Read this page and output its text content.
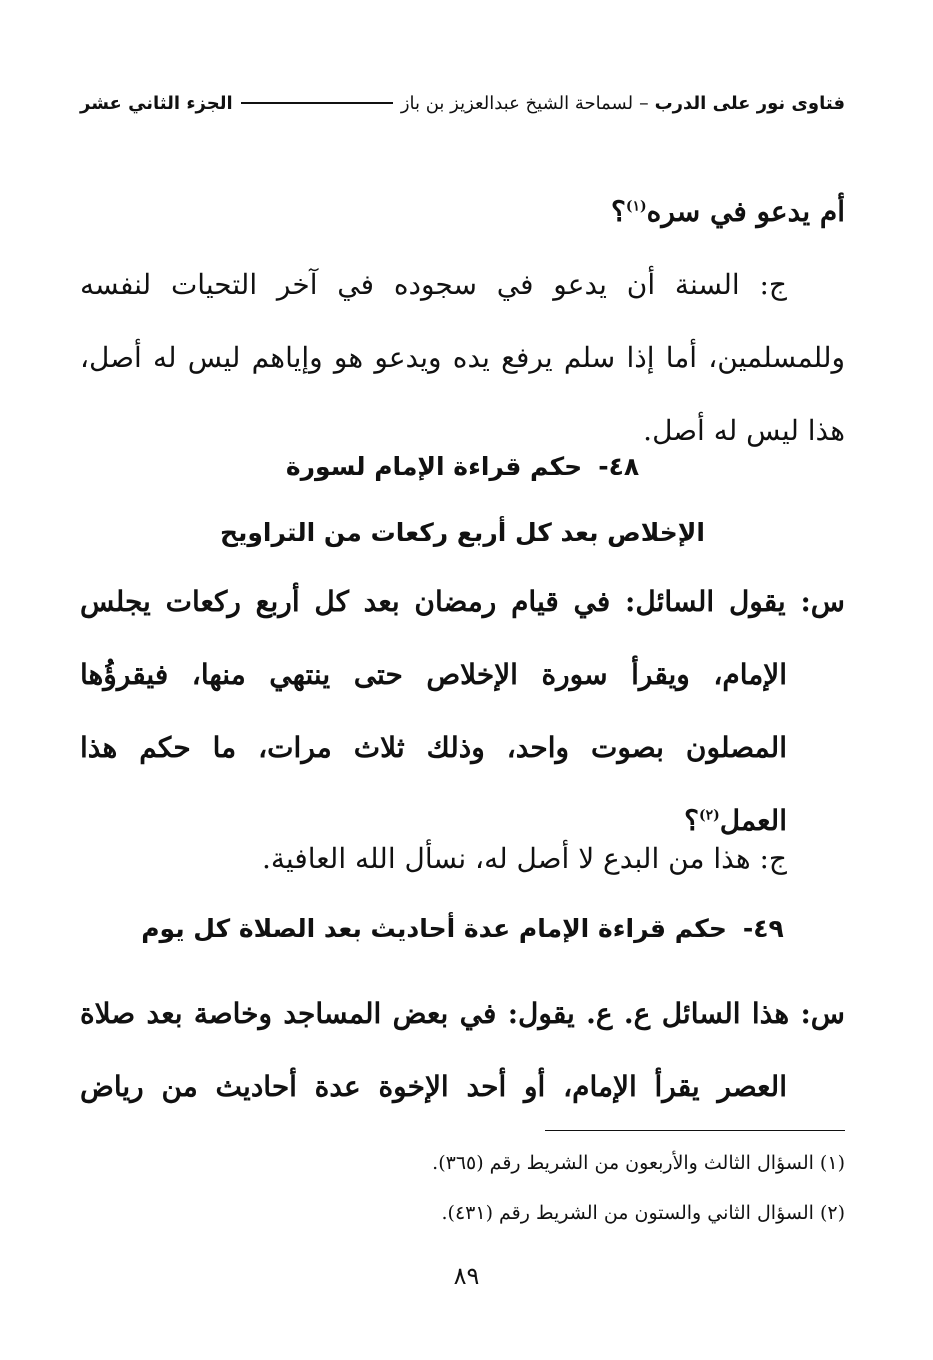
فتاوى نور على الدرب
–
لسماحة الشيخ عبدالعزيز بن باز
الجزء الثاني عشر
أم يدعو في سره$^{(١)}$؟
ج: السنة أن يدعو في سجوده في آخر التحيات لنفسه
وللمسلمين، أما إذا سلم يرفع يده ويدعو هو وإياهم ليس له أصل،
هذا ليس له أصل.
٤٨-حكم قراءة الإمام لسورة
الإخلاص بعد كل أربع ركعات من التراويح
س: يقول السائل: في قيام رمضان بعد كل أربع ركعات يجلس
الإمام، ويقرأ سورة الإخلاص حتى ينتهي منها، فيقرؤُها
المصلون بصوت واحد، وذلك ثلاث مرات، ما حكم هذا
العمل$^{(٢)}$؟
ج: هذا من البدع لا أصل له، نسأل الله العافية.
٤٩-حكم قراءة الإمام عدة أحاديث بعد الصلاة كل يوم
س: هذا السائل ع. ع. يقول: في بعض المساجد وخاصة بعد صلاة
العصر يقرأ الإمام، أو أحد الإخوة عدة أحاديث من رياض
(١) السؤال الثالث والأربعون من الشريط رقم (٣٦٥).
(٢) السؤال الثاني والستون من الشريط رقم (٤٣١).
٨٩
